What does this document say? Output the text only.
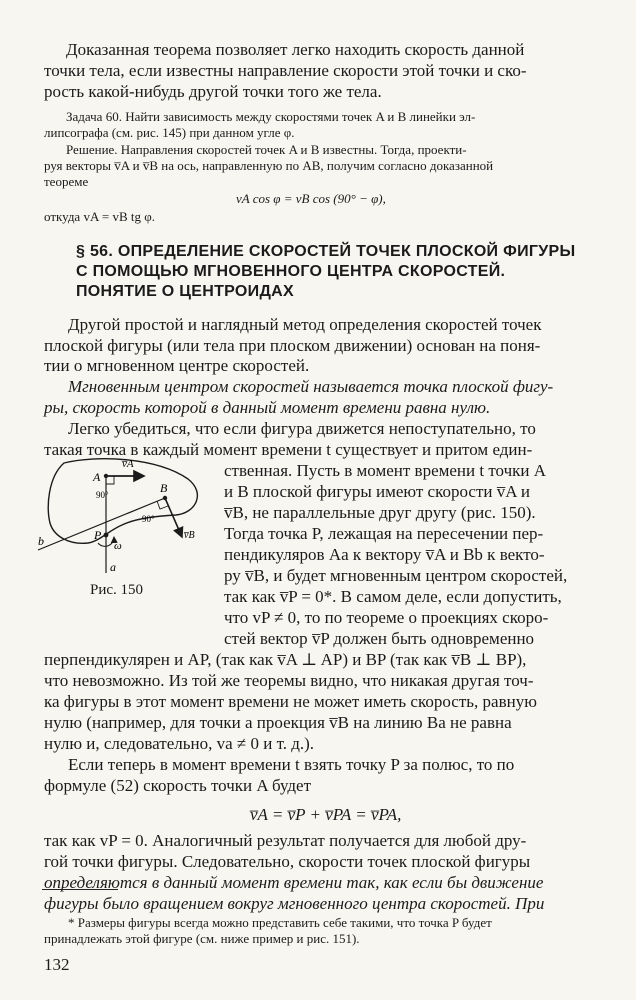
Доказанная теорема позволяет легко находить скорость данной
точки тела, если известны направление скорости этой точки и ско-
рость какой-нибудь другой точки того же тела.
Задача 60. Найти зависимость между скоростями точек A и B линейки эл-
липсографа (см. рис. 145) при данном угле φ.
Решение. Направления скоростей точек A и B известны. Тогда, проекти-
руя векторы v̅A и v̅B на ось, направленную по AB, получим согласно доказанной
теореме
vA cos φ = vB cos (90° − φ),
откуда vA = vB tg φ.
§ 56. ОПРЕДЕЛЕНИЕ СКОРОСТЕЙ ТОЧЕК ПЛОСКОЙ ФИГУРЫ
С ПОМОЩЬЮ МГНОВЕННОГО ЦЕНТРА СКОРОСТЕЙ.
ПОНЯТИЕ О ЦЕНТРОИДАХ
Другой простой и наглядный метод определения скоростей точек
плоской фигуры (или тела при плоском движении) основан на поня-
тии о мгновенном центре скоростей.
Мгновенным центром скоростей называется точка плоской фигу-
ры, скорость которой в данный момент времени равна нулю.
Легко убедиться, что если фигура движется непоступательно, то
такая точка в каждый момент времени t существует и притом един-
ственная. Пусть в момент времени t точки A
и B плоской фигуры имеют скорости v̅A и
v̅B, не параллельные друг другу (рис. 150).
Тогда точка P, лежащая на пересечении пер-
пендикуляров Aa к вектору v̅A и Bb к векто-
ру v̅B, и будет мгновенным центром скоростей,
так как v̅P = 0*. В самом деле, если допустить,
что vP ≠ 0, то по теореме о проекциях скоро-
стей вектор v̅P должен быть одновременно
перпендикулярен и AP, (так как v̅A ⊥ AP) и BP (так как v̅B ⊥ BP),
что невозможно. Из той же теоремы видно, что никакая другая точ-
ка фигуры в этот момент времени не может иметь скорость, равную
нулю (например, для точки a проекция v̅B на линию Ba не равна
нулю и, следовательно, va ≠ 0 и т. д.).
Если теперь в момент времени t взять точку P за полюс, то по
формуле (52) скорость точки A будет
v̅A = v̅P + v̅PA = v̅PA,
так как vP = 0. Аналогичный результат получается для любой дру-
гой точки фигуры. Следовательно, скорости точек плоской фигуры
определяются в данный момент времени так, как если бы движение
фигуры было вращением вокруг мгновенного центра скоростей. При
* Размеры фигуры всегда можно представить себе такими, что точка P будет
принадлежать этой фигуре (см. ниже пример и рис. 151).
132
A
v̅A
90°	B
90°
v̅B
P
ω
b
a
Рис. 150
